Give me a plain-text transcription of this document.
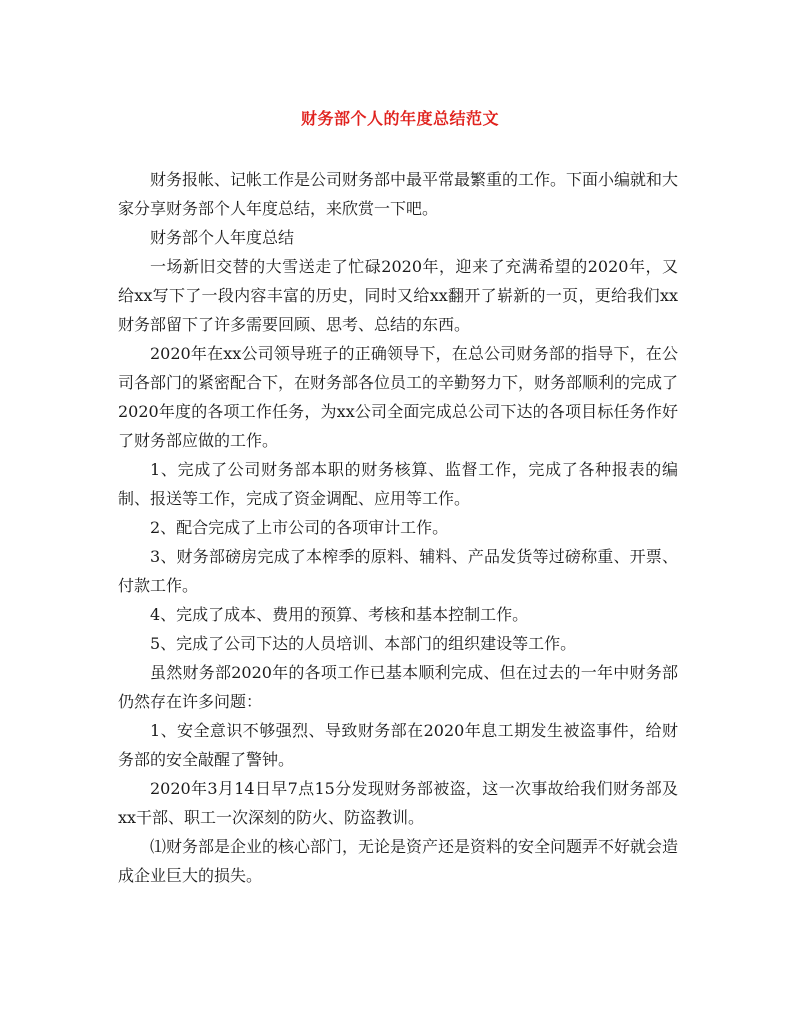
财务部个人的年度总结范文

财务报帐、记帐工作是公司财务部中最平常最繁重的工作。下面小编就和大家分享财务部个人年度总结，来欣赏一下吧。

财务部个人年度总结

一场新旧交替的大雪送走了忙碌2020年，迎来了充满希望的2020年，又给xx写下了一段内容丰富的历史，同时又给xx翻开了崭新的一页，更给我们xx财务部留下了许多需要回顾、思考、总结的东西。

2020年在xx公司领导班子的正确领导下，在总公司财务部的指导下，在公司各部门的紧密配合下，在财务部各位员工的辛勤努力下，财务部顺利的完成了2020年度的各项工作任务，为xx公司全面完成总公司下达的各项目标任务作好了财务部应做的工作。

1、完成了公司财务部本职的财务核算、监督工作，完成了各种报表的编制、报送等工作，完成了资金调配、应用等工作。

2、配合完成了上市公司的各项审计工作。

3、财务部磅房完成了本榨季的原料、辅料、产品发货等过磅称重、开票、付款工作。

4、完成了成本、费用的预算、考核和基本控制工作。

5、完成了公司下达的人员培训、本部门的组织建设等工作。

虽然财务部2020年的各项工作已基本顺利完成、但在过去的一年中财务部仍然存在许多问题：

1、安全意识不够强烈、导致财务部在2020年息工期发生被盗事件，给财务部的安全敲醒了警钟。

2020年3月14日早7点15分发现财务部被盗，这一次事故给我们财务部及xx干部、职工一次深刻的防火、防盗教训。

⑴财务部是企业的核心部门，无论是资产还是资料的安全问题弄不好就会造成企业巨大的损失。
